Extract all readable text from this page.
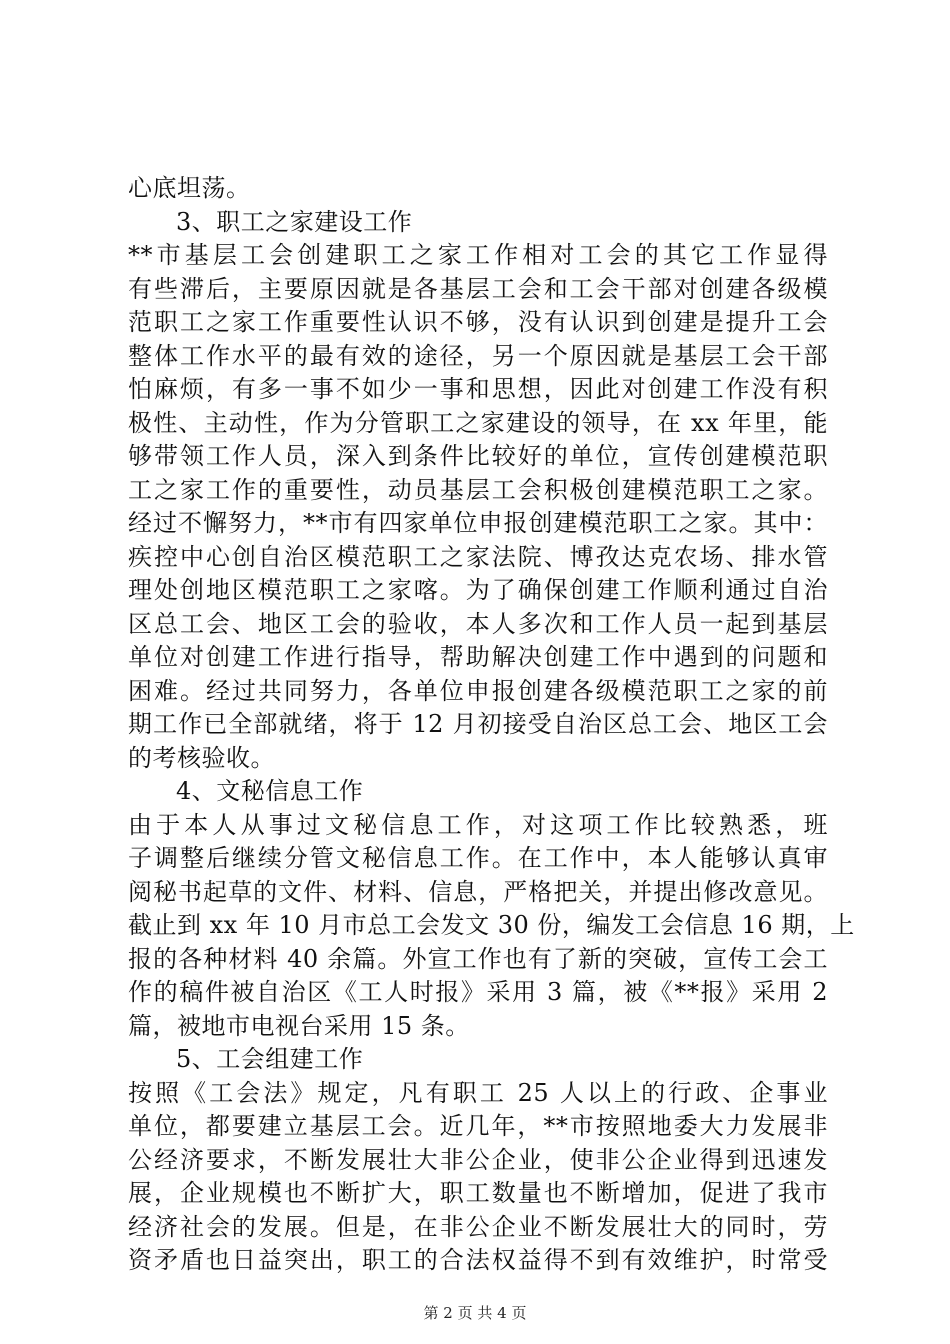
心底坦荡。
3、职工之家建设工作
**市基层工会创建职工之家工作相对工会的其它工作显得
有些滞后，主要原因就是各基层工会和工会干部对创建各级模
范职工之家工作重要性认识不够，没有认识到创建是提升工会
整体工作水平的最有效的途径，另一个原因就是基层工会干部
怕麻烦，有多一事不如少一事和思想，因此对创建工作没有积
极性、主动性，作为分管职工之家建设的领导，在 xx 年里，能
够带领工作人员，深入到条件比较好的单位，宣传创建模范职
工之家工作的重要性，动员基层工会积极创建模范职工之家。
经过不懈努力，**市有四家单位申报创建模范职工之家。其中：
疾控中心创自治区模范职工之家法院、博孜达克农场、排水管
理处创地区模范职工之家喀。为了确保创建工作顺利通过自治
区总工会、地区工会的验收，本人多次和工作人员一起到基层
单位对创建工作进行指导，帮助解决创建工作中遇到的问题和
困难。经过共同努力，各单位申报创建各级模范职工之家的前
期工作已全部就绪，将于 12 月初接受自治区总工会、地区工会
的考核验收。
4、文秘信息工作
由于本人从事过文秘信息工作，对这项工作比较熟悉，班
子调整后继续分管文秘信息工作。在工作中，本人能够认真审
阅秘书起草的文件、材料、信息，严格把关，并提出修改意见。
截止到 xx 年 10 月市总工会发文 30 份，编发工会信息 16 期，上
报的各种材料 40 余篇。外宣工作也有了新的突破，宣传工会工
作的稿件被自治区《工人时报》采用 3 篇，被《**报》采用 2
篇，被地市电视台采用 15 条。
5、工会组建工作
按照《工会法》规定，凡有职工 25 人以上的行政、企事业
单位，都要建立基层工会。近几年，**市按照地委大力发展非
公经济要求，不断发展壮大非公企业，使非公企业得到迅速发
展，企业规模也不断扩大，职工数量也不断增加，促进了我市
经济社会的发展。但是，在非公企业不断发展壮大的同时，劳
资矛盾也日益突出，职工的合法权益得不到有效维护，时常受
第 2 页 共 4 页
